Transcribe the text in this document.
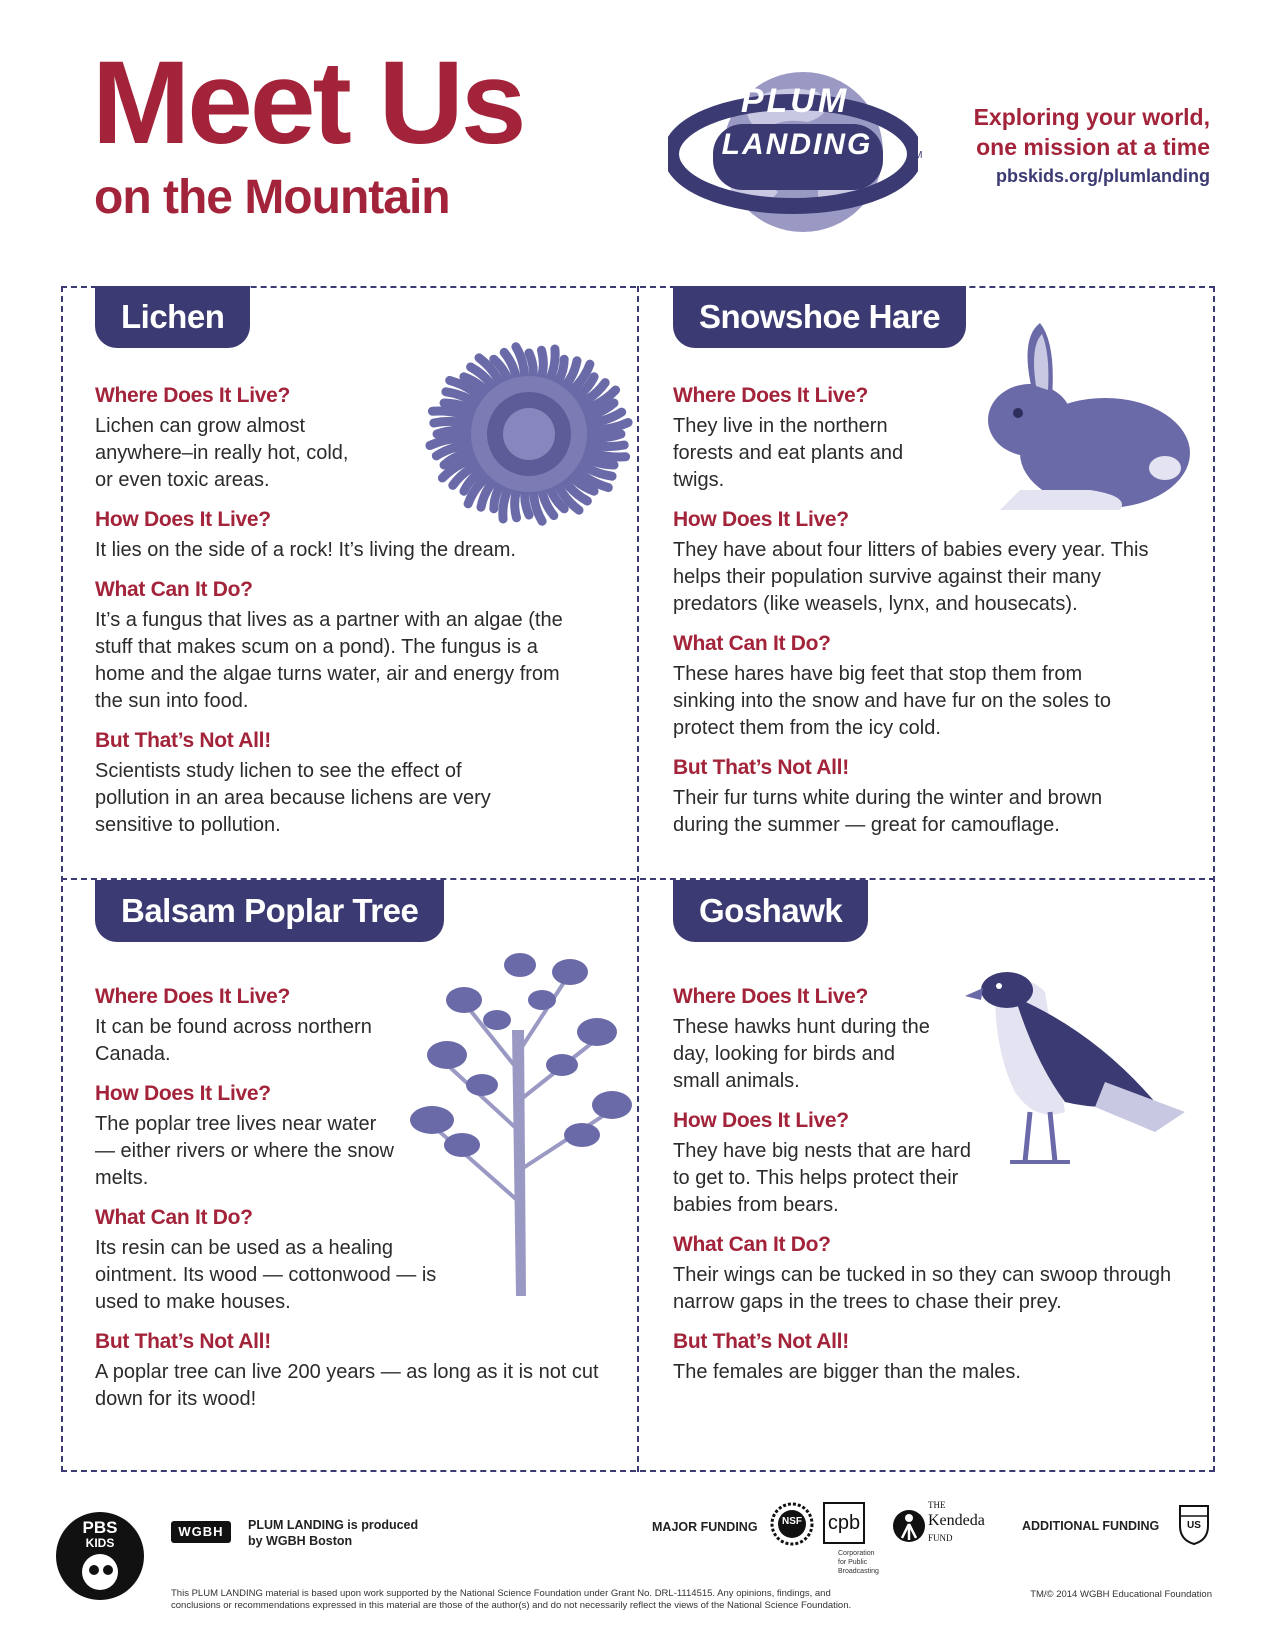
Meet Us
on the Mountain
PLUM
LANDING	TM
Exploring your world,
one mission at a time
pbskids.org/plumlanding
Lichen

Where Does It Live?

Lichen can grow almost anywhere–in really hot, cold, or even toxic areas.

How Does It Live?

It lies on the side of a rock! It’s living the dream.

What Can It Do?

It’s a fungus that lives as a partner with an algae (the stuff that makes scum on a pond). The fungus is a home and the algae turns water, air and energy from the sun into food.

But That’s Not All!

Scientists study lichen to see the effect of pollution in an area because lichens are very sensitive to pollution.

Snowshoe Hare

Where Does It Live?

They live in the northern forests and eat plants and twigs.

How Does It Live?

They have about four litters of babies every year. This helps their population survive against their many predators (like weasels, lynx, and housecats).

What Can It Do?

These hares have big feet that stop them from sinking into the snow and have fur on the soles to protect them from the icy cold.

But That’s Not All!

Their fur turns white during the winter and brown during the summer — great for camouflage.

Balsam Poplar Tree

Where Does It Live?

It can be found across northern Canada.

How Does It Live?

The poplar tree lives near water — either rivers or where the snow melts.

What Can It Do?

Its resin can be used as a healing ointment. Its wood — cottonwood — is used to make houses.

But That’s Not All!

A poplar tree can live 200 years — as long as it is not cut down for its wood!

Goshawk

Where Does It Live?

These hawks hunt during the day, looking for birds and small animals.

How Does It Live?

They have big nests that are hard to get to. This helps protect their babies from bears.

What Can It Do?

Their wings can be tucked in so they can swoop through narrow gaps in the trees to chase their prey.

But That’s Not All!

The females are bigger than the males.

PBS
KIDS
WGBH	PLUM LANDING is produced
by WGBH Boston
MAJOR FUNDING	NSF	cpb
Corporation
for Public
Broadcasting
THE
Kendeda
FUND
ADDITIONAL FUNDING	US
This PLUM LANDING material is based upon work supported by the National Science Foundation under Grant No. DRL-1114515. Any opinions, findings, and
conclusions or recommendations expressed in this material are those of the author(s) and do not necessarily reflect the views of the National Science Foundation.
TM/© 2014 WGBH Educational Foundation
